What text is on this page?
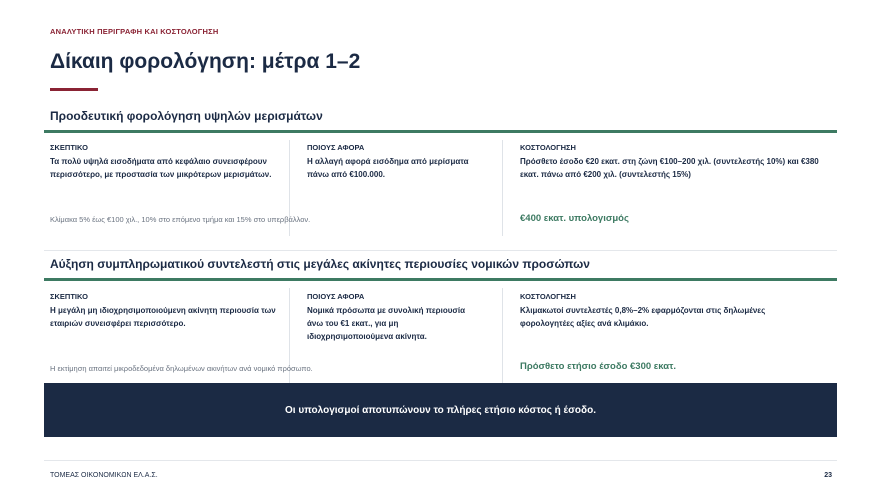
ΑΝΑΛΥΤΙΚΗ ΠΕΡΙΓΡΑΦΗ ΚΑΙ ΚΟΣΤΟΛΟΓΗΣΗ
Δίκαιη φορολόγηση: μέτρα 1–2
Προοδευτική φορολόγηση υψηλών μερισμάτων
ΣΚΕΠΤΙΚΟ
Τα πολύ υψηλά εισοδήματα από κεφάλαιο συνεισφέρουν περισσότερο, με προστασία των μικρότερων μερισμάτων.
ΠΟΙΟΥΣ ΑΦΟΡΑ
Η αλλαγή αφορά εισόδημα από μερίσματα πάνω από €100.000.
ΚΟΣΤΟΛΟΓΗΣΗ
Πρόσθετο έσοδο €20 εκατ. στη ζώνη €100–200 χιλ. (συντελεστής 10%) και €380 εκατ. πάνω από €200 χιλ. (συντελεστής 15%)
Κλίμακα 5% έως €100 χιλ., 10% στο επόμενο τμήμα και 15% στο υπερβάλλον.	€400 εκατ. υπολογισμός
Αύξηση συμπληρωματικού συντελεστή στις μεγάλες ακίνητες περιουσίες νομικών προσώπων
ΣΚΕΠΤΙΚΟ
Η μεγάλη μη ιδιοχρησιμοποιούμενη ακίνητη περιουσία των εταιριών συνεισφέρει περισσότερο.
ΠΟΙΟΥΣ ΑΦΟΡΑ
Νομικά πρόσωπα με συνολική περιουσία άνω του €1 εκατ., για μη ιδιοχρησιμοποιούμενα ακίνητα.
ΚΟΣΤΟΛΟΓΗΣΗ
Κλιμακωτοί συντελεστές 0,8%–2% εφαρμόζονται στις δηλωμένες φορολογητέες αξίες ανά κλιμάκιο.
Η εκτίμηση απαιτεί μικροδεδομένα δηλωμένων ακινήτων ανά νομικό πρόσωπο.	Πρόσθετο ετήσιο έσοδο €300 εκατ.
Οι υπολογισμοί αποτυπώνουν το πλήρες ετήσιο κόστος ή έσοδο.
ΤΟΜΕΑΣ ΟΙΚΟΝΟΜΙΚΩΝ ΕΛ.Α.Σ.	23
